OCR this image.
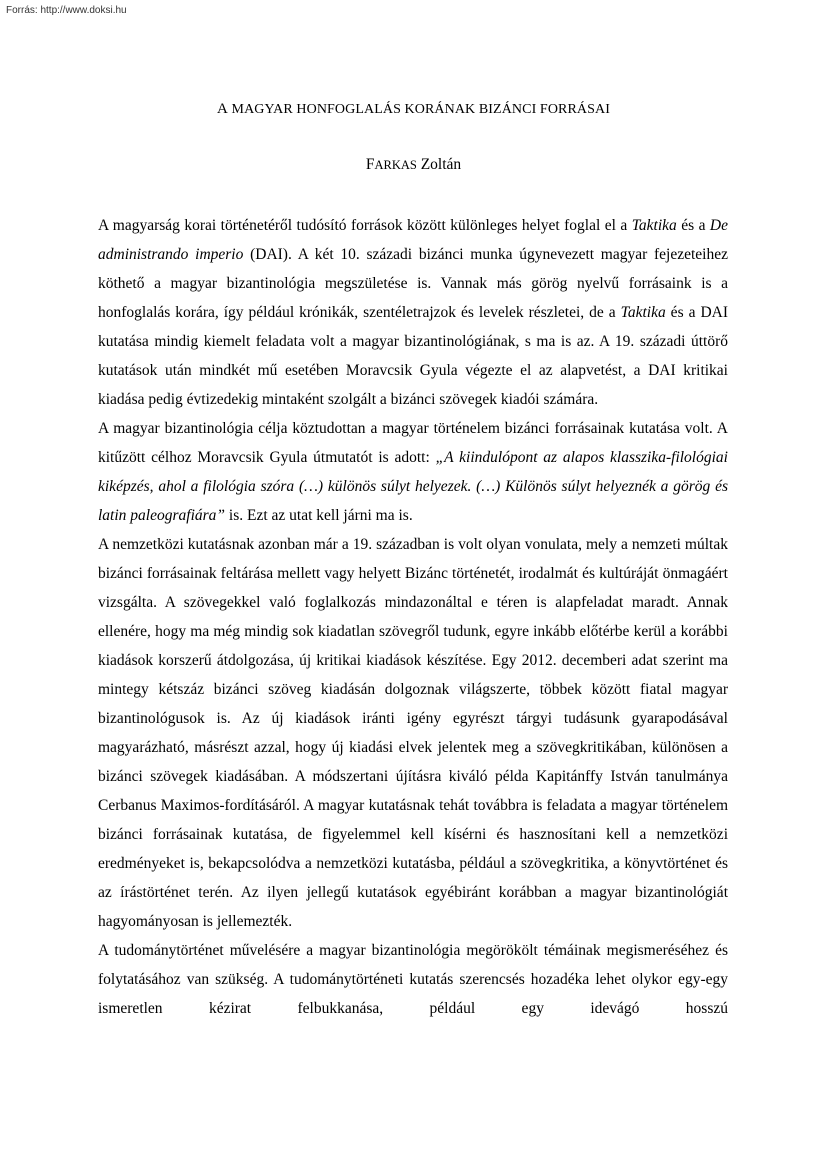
Forrás: http://www.doksi.hu
A MAGYAR HONFOGLALÁS KORÁNAK BIZÁNCI FORRÁSAI
FARKAS Zoltán

A magyarság korai történetéről tudósító források között különleges helyet foglal el a Taktika és a De administrando imperio (DAI). A két 10. századi bizánci munka úgynevezett magyar fejezeteihez köthető a magyar bizantinológia megszületése is. Vannak más görög nyelvű forrásaink is a honfoglalás korára, így például krónikák, szentéletrajzok és levelek részletei, de a Taktika és a DAI kutatása mindig kiemelt feladata volt a magyar bizantinológiának, s ma is az. A 19. századi úttörő kutatások után mindkét mű esetében Moravcsik Gyula végezte el az alapvetést, a DAI kritikai kiadása pedig évtizedekig mintaként szolgált a bizánci szövegek kiadói számára.

A magyar bizantinológia célja köztudottan a magyar történelem bizánci forrásainak kutatása volt. A kitűzött célhoz Moravcsik Gyula útmutatót is adott: „A kiindulópont az alapos klasszika-filológiai kiképzés, ahol a filológia szóra (…) különös súlyt helyezek. (…) Különös súlyt helyeznék a görög és latin paleografiára” is. Ezt az utat kell járni ma is.

A nemzetközi kutatásnak azonban már a 19. században is volt olyan vonulata, mely a nemzeti múltak bizánci forrásainak feltárása mellett vagy helyett Bizánc történetét, irodalmát és kultúráját önmagáért vizsgálta. A szövegekkel való foglalkozás mindazonáltal e téren is alapfeladat maradt. Annak ellenére, hogy ma még mindig sok kiadatlan szövegről tudunk, egyre inkább előtérbe kerül a korábbi kiadások korszerű átdolgozása, új kritikai kiadások készítése. Egy 2012. decemberi adat szerint ma mintegy kétszáz bizánci szöveg kiadásán dolgoznak világszerte, többek között fiatal magyar bizantinológusok is. Az új kiadások iránti igény egyrészt tárgyi tudásunk gyarapodásával magyarázható, másrészt azzal, hogy új kiadási elvek jelentek meg a szövegkritikában, különösen a bizánci szövegek kiadásában. A módszertani újításra kiváló példa Kapitánffy István tanulmánya Cerbanus Maximos-fordításáról. A magyar kutatásnak tehát továbbra is feladata a magyar történelem bizánci forrásainak kutatása, de figyelemmel kell kísérni és hasznosítani kell a nemzetközi eredményeket is, bekapcsolódva a nemzetközi kutatásba, például a szövegkritika, a könyvtörténet és az írástörténet terén. Az ilyen jellegű kutatások egyébiránt korábban a magyar bizantinológiát hagyományosan is jellemezték.

A tudománytörténet művelésére a magyar bizantinológia megörökölt témáinak megismeréséhez és folytatásához van szükség. A tudománytörténeti kutatás szerencsés hozadéka lehet olykor egy-egy ismeretlen kézirat felbukkanása, például egy idevágó hosszú
